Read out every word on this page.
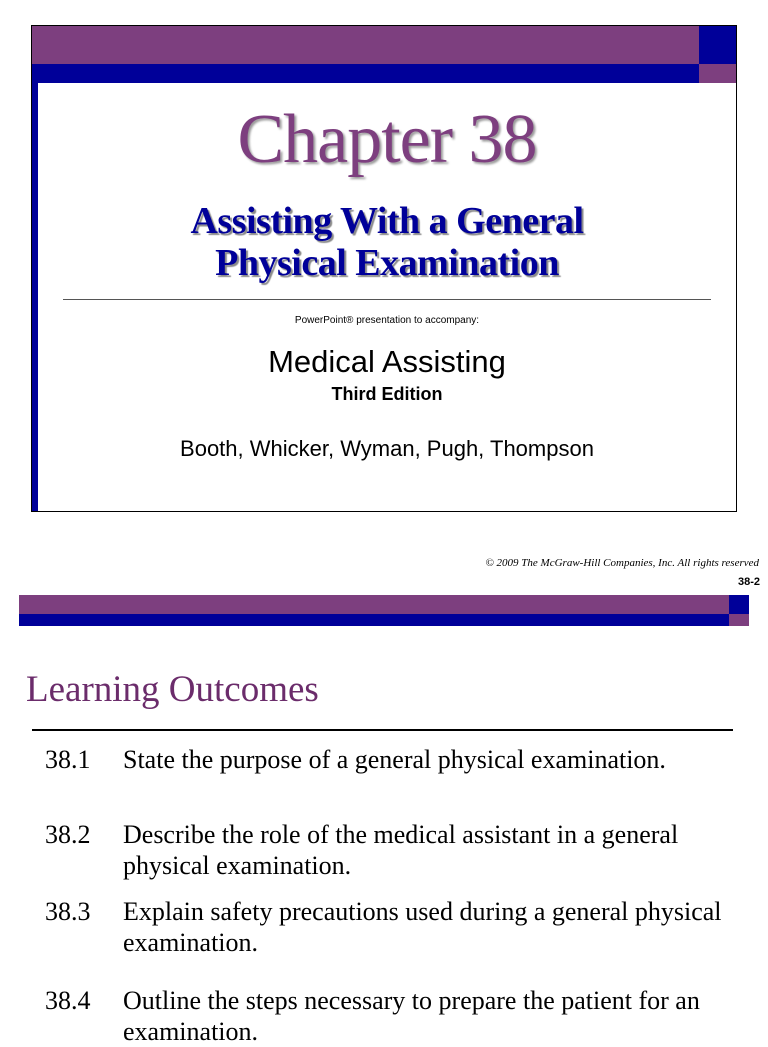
Chapter 38
Assisting With a General
Physical Examination
PowerPoint® presentation to accompany:
Medical Assisting
Third Edition
Booth, Whicker, Wyman, Pugh, Thompson
© 2009 The McGraw-Hill Companies, Inc. All rights reserved
38-2
Learning Outcomes
38.1 State the purpose of a general physical examination.
38.2 Describe the role of the medical assistant in a general physical examination.
38.3 Explain safety precautions used during a general physical examination.
38.4 Outline the steps necessary to prepare the patient for an examination.
